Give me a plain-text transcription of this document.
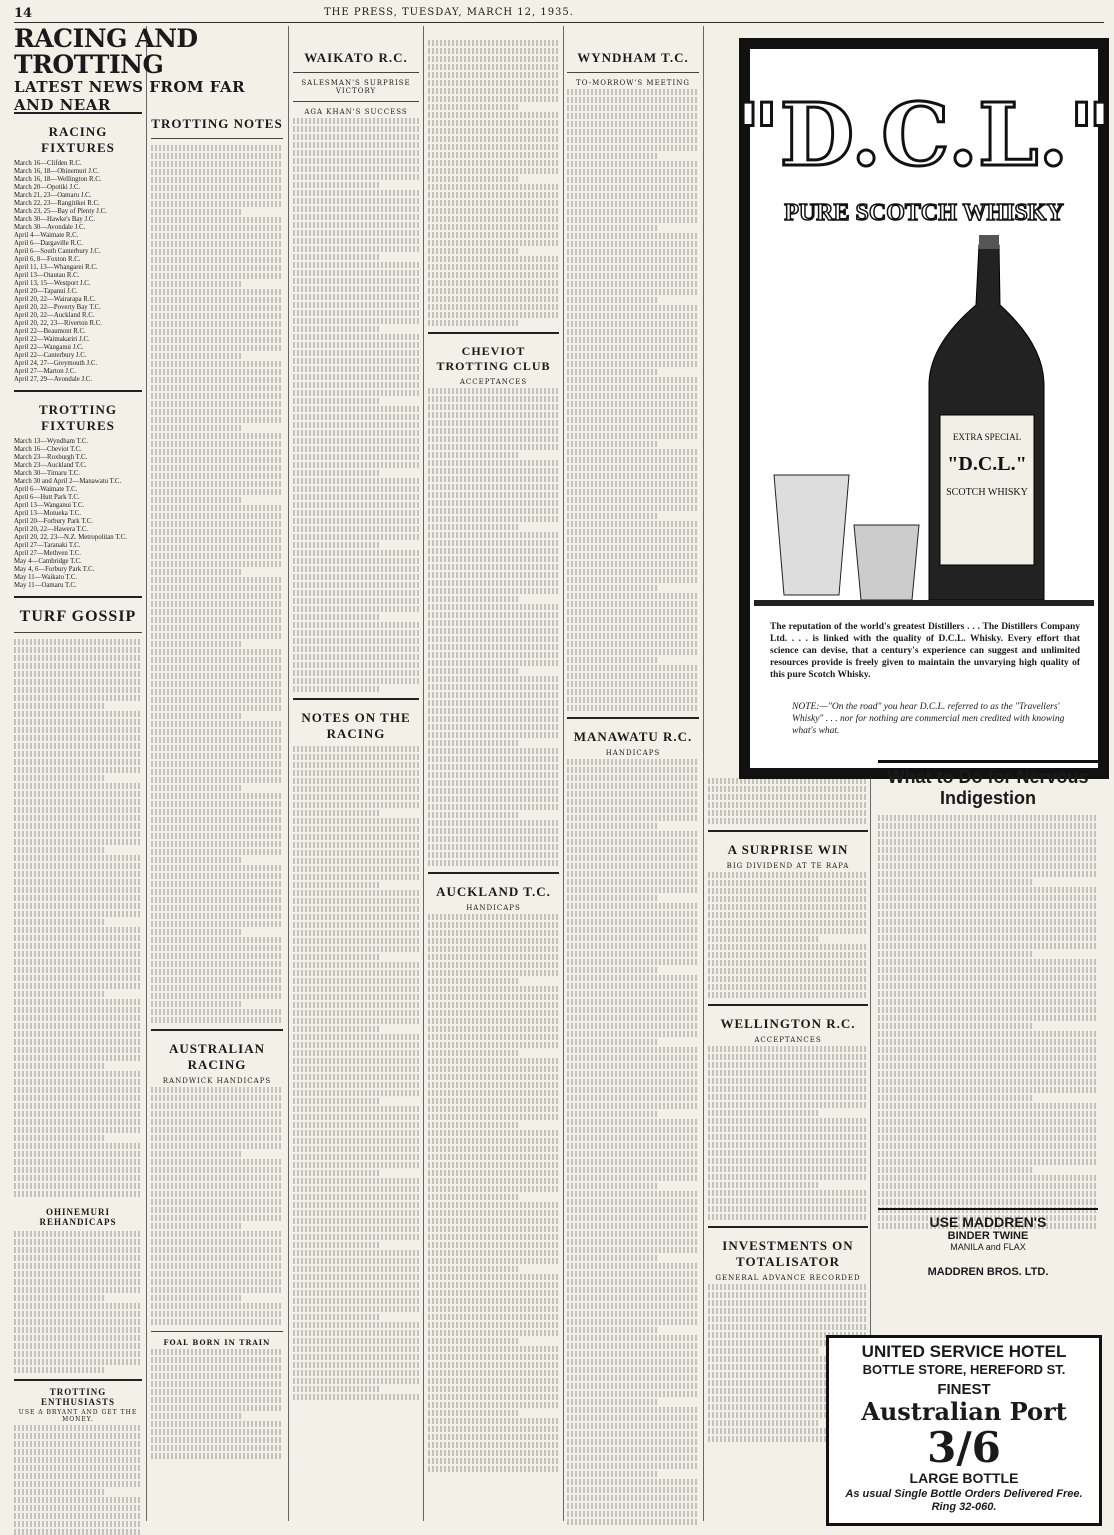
14	THE PRESS, TUESDAY, MARCH 12, 1935.
RACING AND TROTTING
LATEST NEWS FROM FAR AND NEAR
RACING FIXTURES
March 16—Clifden R.C.
March 16, 18—Ohinemuri J.C.
March 16, 18—Wellington R.C.
March 20—Opotiki J.C.
March 21, 23—Oamaru J.C.
March 22, 23—Rangitikei R.C.
March 23, 25—Bay of Plenty J.C.
March 30—Hawke's Bay J.C.
March 30—Avondale J.C.
April 4—Waimate R.C.
April 6—Dargaville R.C.
April 6—South Canterbury J.C.
April 6, 8—Foxton R.C.
April 11, 13—Whangarei R.C.
April 13—Otautau R.C.
April 13, 15—Westport J.C.
April 20—Tapanui J.C.
April 20, 22—Wairarapa R.C.
April 20, 22—Poverty Bay T.C.
April 20, 22—Auckland R.C.
April 20, 22, 23—Riverton R.C.
April 22—Beaumont R.C.
April 22—Waimakariri J.C.
April 22—Wanganui J.C.
April 22—Canterbury J.C.
April 24, 27—Greymouth J.C.
April 27—Marton J.C.
April 27, 29—Avondale J.C.
TROTTING FIXTURES
March 13—Wyndham T.C.
March 16—Cheviot T.C.
March 23—Roxburgh T.C.
March 23—Auckland T.C.
March 30—Timaru T.C.
March 30 and April 2—Manawatu T.C.
April 6—Waimate T.C.
April 6—Hutt Park T.C.
April 13—Wanganui T.C.
April 13—Motueka T.C.
April 20—Forbury Park T.C.
April 20, 22—Hawera T.C.
April 20, 22, 23—N.Z. Metropolitan T.C.
April 27—Taranaki T.C.
April 27—Methven T.C.
May 4—Cambridge T.C.
May 4, 6—Forbury Park T.C.
May 11—Waikato T.C.
May 11—Oamaru T.C.
TURF GOSSIP
OHINEMURI REHANDICAPS
TROTTING ENTHUSIASTS
USE A BRYANT AND GET THE MONEY.
TROTTING NOTES
AUSTRALIAN RACING
RANDWICK HANDICAPS
FOAL BORN IN TRAIN
WAIKATO R.C.
SALESMAN'S SURPRISE VICTORY
AGA KHAN'S SUCCESS
NOTES ON THE RACING
CHEVIOT TROTTING CLUB
ACCEPTANCES
AUCKLAND T.C.
HANDICAPS
WYNDHAM T.C.
TO-MORROW'S MEETING
MANAWATU R.C.
HANDICAPS
A SURPRISE WIN
BIG DIVIDEND AT TE RAPA
WELLINGTON R.C.
ACCEPTANCES
INVESTMENTS ON TOTALISATOR
GENERAL ADVANCE RECORDED
"D.C.L."
PURE SCOTCH WHISKY
EXTRA SPECIAL
"D.C.L."
SCOTCH WHISKY
The reputation of the world's greatest Distillers . . . The Distillers Company Ltd. . . . is linked with the quality of D.C.L. Whisky. Every effort that science can devise, that a century's experience can suggest and unlimited resources provide is freely given to maintain the unvarying high quality of this pure Scotch Whisky.
NOTE:—"On the road" you hear D.C.L. referred to as the "Travellers' Whisky" . . . nor for nothing are commercial men credited with knowing what's what.
What to Do for Nervous Indigestion
USE MADDREN'S
BINDER TWINE
MANILA and FLAX
MADDREN BROS. LTD.
UNITED SERVICE HOTEL
BOTTLE STORE, HEREFORD ST.
FINEST
Australian Port
3/6
LARGE BOTTLE
As usual Single Bottle Orders Delivered Free. Ring 32-060.
